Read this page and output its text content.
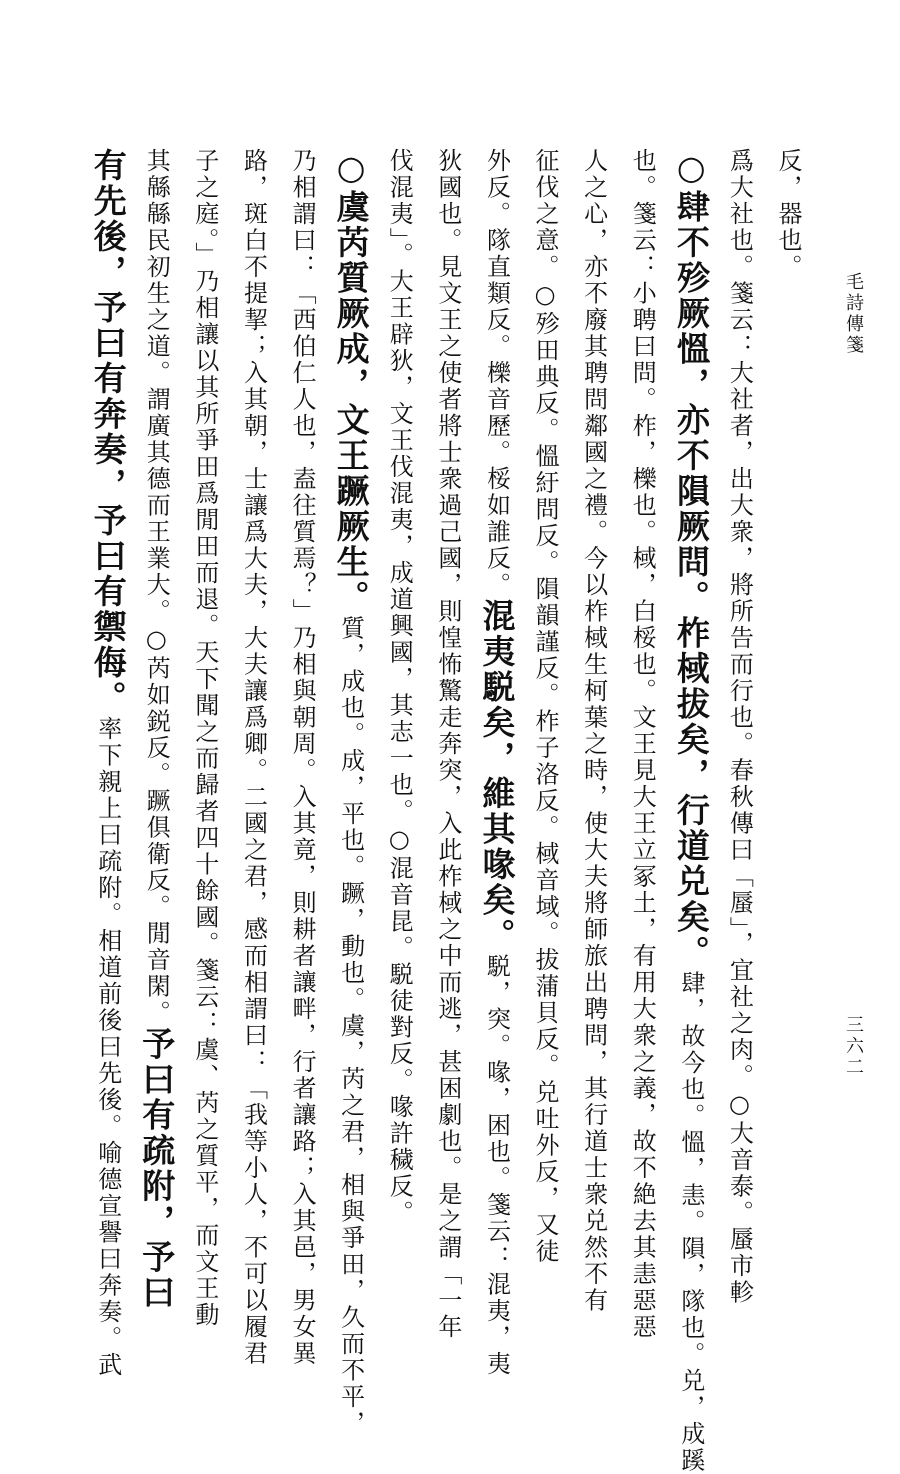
毛詩傳箋
三六二
反，器也。
爲大社也。箋云：大社者，出大衆，將所告而行也。春秋傳曰「蜃」，宜社之肉。○大音泰。蜃市軫
○肆不殄厥慍，亦不隕厥問。柞棫拔矣，行道兑矣。肆，故今也。慍，恚。隕，隊也。兑，成蹊
也。箋云：小聘曰問。柞，櫟也。棫，白桵也。文王見大王立冢土，有用大衆之義，故不絶去其恚惡惡
人之心，亦不廢其聘問鄰國之禮。今以柞棫生柯葉之時，使大夫將師旅出聘問，其行道士衆兑然不有
征伐之意。○殄田典反。慍紆問反。隕韻謹反。柞子洛反。棫音域。拔蒲貝反。兑吐外反，又徒
外反。隊直類反。櫟音歷。桵如誰反。混夷駾矣，維其喙矣。駾，突。喙，困也。箋云：混夷，夷
狄國也。見文王之使者將士衆過己國，則惶怖驚走奔突，入此柞棫之中而逃，甚困劇也。是之謂「一年
伐混夷」。大王辟狄，文王伐混夷，成道興國，其志一也。○混音昆。駾徒對反。喙許穢反。
○虞芮質厥成，文王蹶厥生。質，成也。成，平也。蹶，動也。虞，芮之君，相與爭田，久而不平，
乃相謂曰：「西伯仁人也，盍往質焉？」乃相與朝周。入其竟，則耕者讓畔，行者讓路；入其邑，男女異
路，斑白不提挈；入其朝，士讓爲大夫，大夫讓爲卿。二國之君，感而相謂曰：「我等小人，不可以履君
子之庭。」乃相讓以其所爭田爲閒田而退。天下聞之而歸者四十餘國。箋云：虞、芮之質平，而文王動
其緜緜民初生之道。謂廣其德而王業大。○芮如鋭反。蹶俱衛反。閒音閑。予曰有疏附，予曰
有先後，予曰有奔奏，予曰有禦侮。率下親上曰疏附。相道前後曰先後。喻德宣譽曰奔奏。武
